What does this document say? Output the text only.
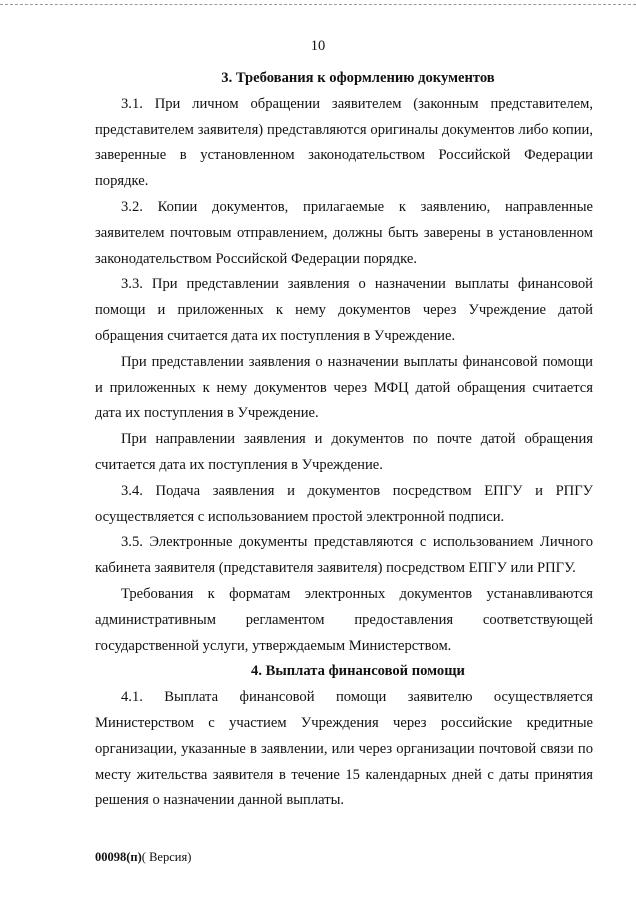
10

3. Требования к оформлению документов

3.1. При личном обращении заявителем (законным представителем, представителем заявителя) представляются оригиналы документов либо копии, заверенные в установленном законодательством Российской Федерации порядке.

3.2. Копии документов, прилагаемые к заявлению, направленные заявителем почтовым отправлением, должны быть заверены в установленном законодательством Российской Федерации порядке.

3.3. При представлении заявления о назначении выплаты финансовой помощи и приложенных к нему документов через Учреждение датой обращения считается дата их поступления в Учреждение.

При представлении заявления о назначении выплаты финансовой помощи и приложенных к нему документов через МФЦ датой обращения считается дата их поступления в Учреждение.

При направлении заявления и документов по почте датой обращения считается дата их поступления в Учреждение.

3.4. Подача заявления и документов посредством ЕПГУ и РПГУ осуществляется с использованием простой электронной подписи.

3.5. Электронные документы представляются с использованием Личного кабинета заявителя (представителя заявителя) посредством ЕПГУ или РПГУ.

Требования к форматам электронных документов устанавливаются административным регламентом предоставления соответствующей государственной услуги, утверждаемым Министерством.

4. Выплата финансовой помощи

4.1. Выплата финансовой помощи заявителю осуществляется Министерством с участием Учреждения через российские кредитные организации, указанные в заявлении, или через организации почтовой связи по месту жительства заявителя в течение 15 календарных дней с даты принятия решения о назначении данной выплаты.

00098(п)( Версия)
